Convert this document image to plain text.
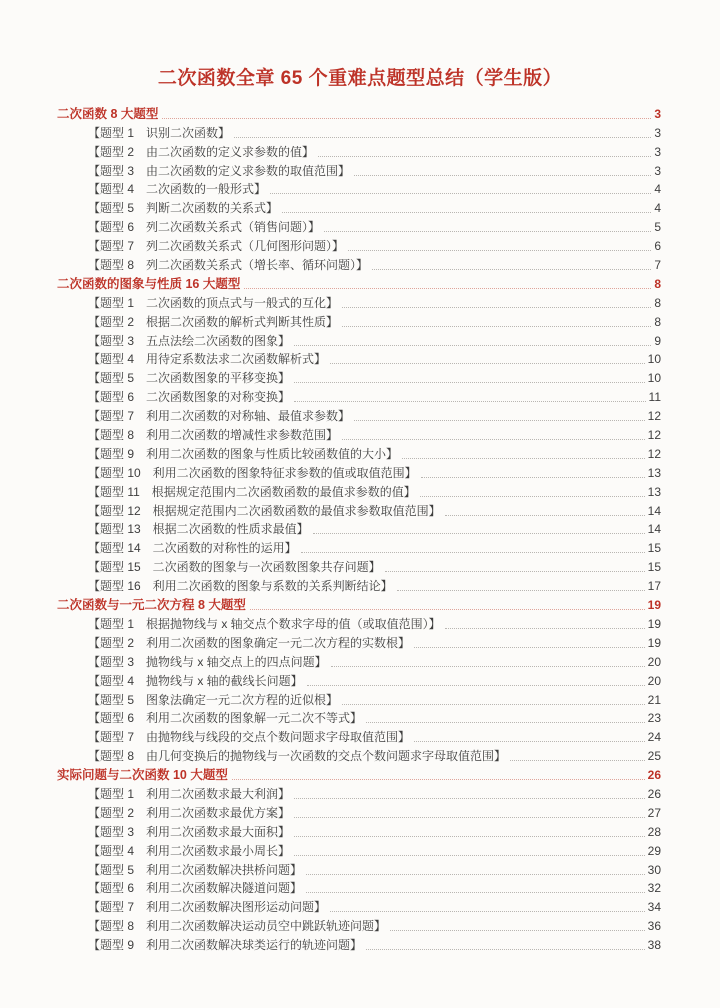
二次函数全章 65 个重难点题型总结（学生版）
二次函数 8 大题型	3
【题型 1　识别二次函数】	3
【题型 2　由二次函数的定义求参数的值】	3
【题型 3　由二次函数的定义求参数的取值范围】	3
【题型 4　二次函数的一般形式】	4
【题型 5　判断二次函数的关系式】	4
【题型 6　列二次函数关系式（销售问题）】	5
【题型 7　列二次函数关系式（几何图形问题）】	6
【题型 8　列二次函数关系式（增长率、循环问题）】	7
二次函数的图象与性质 16 大题型	8
【题型 1　二次函数的顶点式与一般式的互化】	8
【题型 2　根据二次函数的解析式判断其性质】	8
【题型 3　五点法绘二次函数的图象】	9
【题型 4　用待定系数法求二次函数解析式】	10
【题型 5　二次函数图象的平移变换】	10
【题型 6　二次函数图象的对称变换】	11
【题型 7　利用二次函数的对称轴、最值求参数】	12
【题型 8　利用二次函数的增减性求参数范围】	12
【题型 9　利用二次函数的图象与性质比较函数值的大小】	12
【题型 10　利用二次函数的图象特征求参数的值或取值范围】	13
【题型 11　根据规定范围内二次函数函数的最值求参数的值】	13
【题型 12　根据规定范围内二次函数函数的最值求参数取值范围】	14
【题型 13　根据二次函数的性质求最值】	14
【题型 14　二次函数的对称性的运用】	15
【题型 15　二次函数的图象与一次函数图象共存问题】	15
【题型 16　利用二次函数的图象与系数的关系判断结论】	17
二次函数与一元二次方程 8 大题型	19
【题型 1　根据抛物线与 x 轴交点个数求字母的值（或取值范围）】	19
【题型 2　利用二次函数的图象确定一元二次方程的实数根】	19
【题型 3　抛物线与 x 轴交点上的四点问题】	20
【题型 4　抛物线与 x 轴的截线长问题】	20
【题型 5　图象法确定一元二次方程的近似根】	21
【题型 6　利用二次函数的图象解一元二次不等式】	23
【题型 7　由抛物线与线段的交点个数问题求字母取值范围】	24
【题型 8　由几何变换后的抛物线与一次函数的交点个数问题求字母取值范围】	25
实际问题与二次函数 10 大题型	26
【题型 1　利用二次函数求最大利润】	26
【题型 2　利用二次函数求最优方案】	27
【题型 3　利用二次函数求最大面积】	28
【题型 4　利用二次函数求最小周长】	29
【题型 5　利用二次函数解决拱桥问题】	30
【题型 6　利用二次函数解决隧道问题】	32
【题型 7　利用二次函数解决图形运动问题】	34
【题型 8　利用二次函数解决运动员空中跳跃轨迹问题】	36
【题型 9　利用二次函数解决球类运行的轨迹问题】	38
